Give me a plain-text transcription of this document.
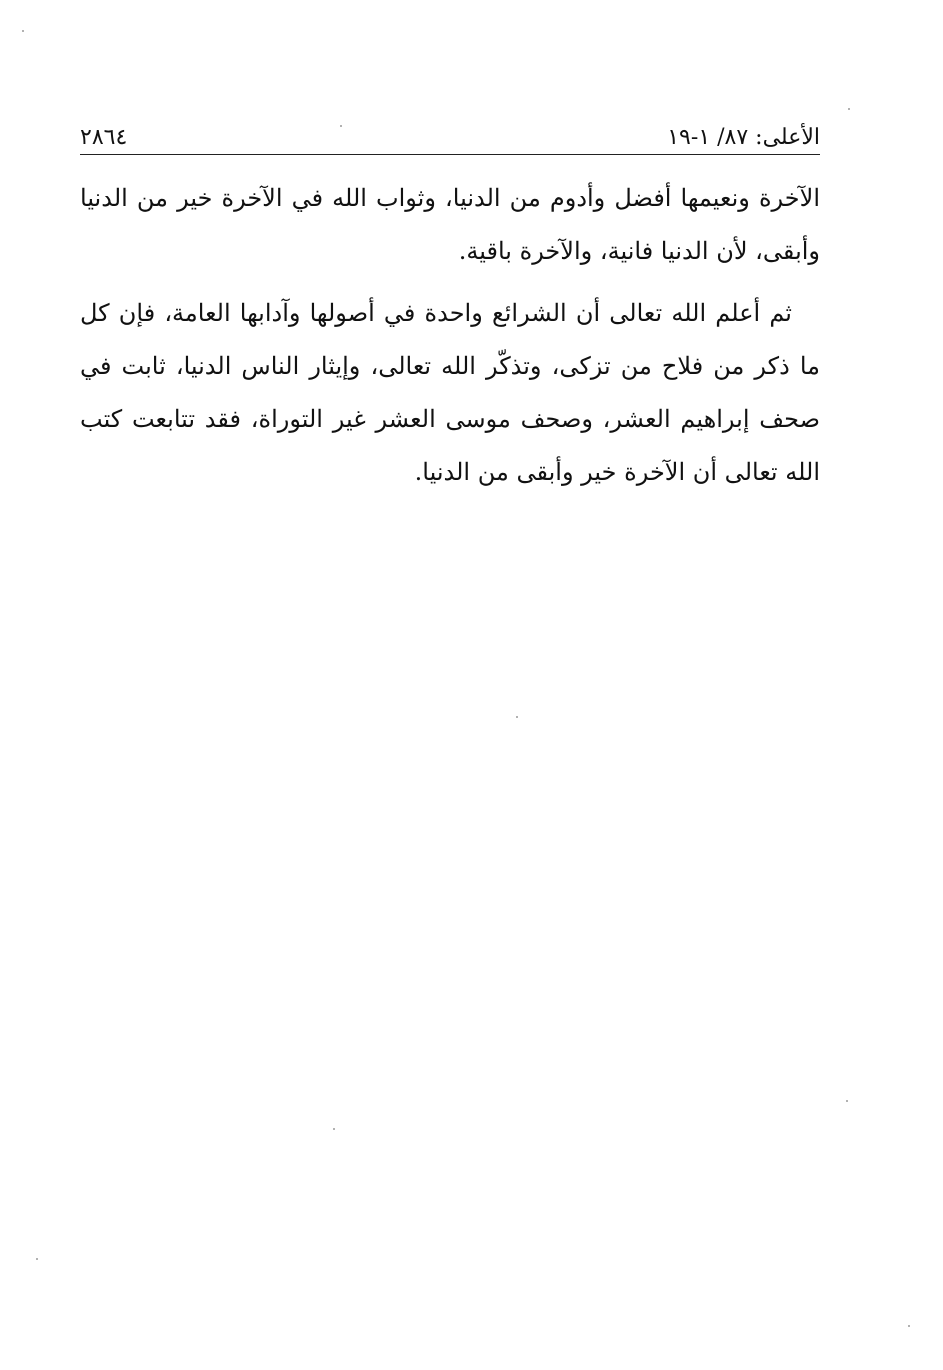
الأعلى: ٨٧/ ١-١٩
٢٨٦٤

الآخرة ونعيمها أفضل وأدوم من الدنيا، وثواب الله في الآخرة خير من الدنيا وأبقى، لأن الدنيا فانية، والآخرة باقية.

ثم أعلم الله تعالى أن الشرائع واحدة في أصولها وآدابها العامة، فإن كل ما ذكر من فلاح من تزكى، وتذكّر الله تعالى، وإيثار الناس الدنيا، ثابت في صحف إبراهيم العشر، وصحف موسى العشر غير التوراة، فقد تتابعت كتب الله تعالى أن الآخرة خير وأبقى من الدنيا.
